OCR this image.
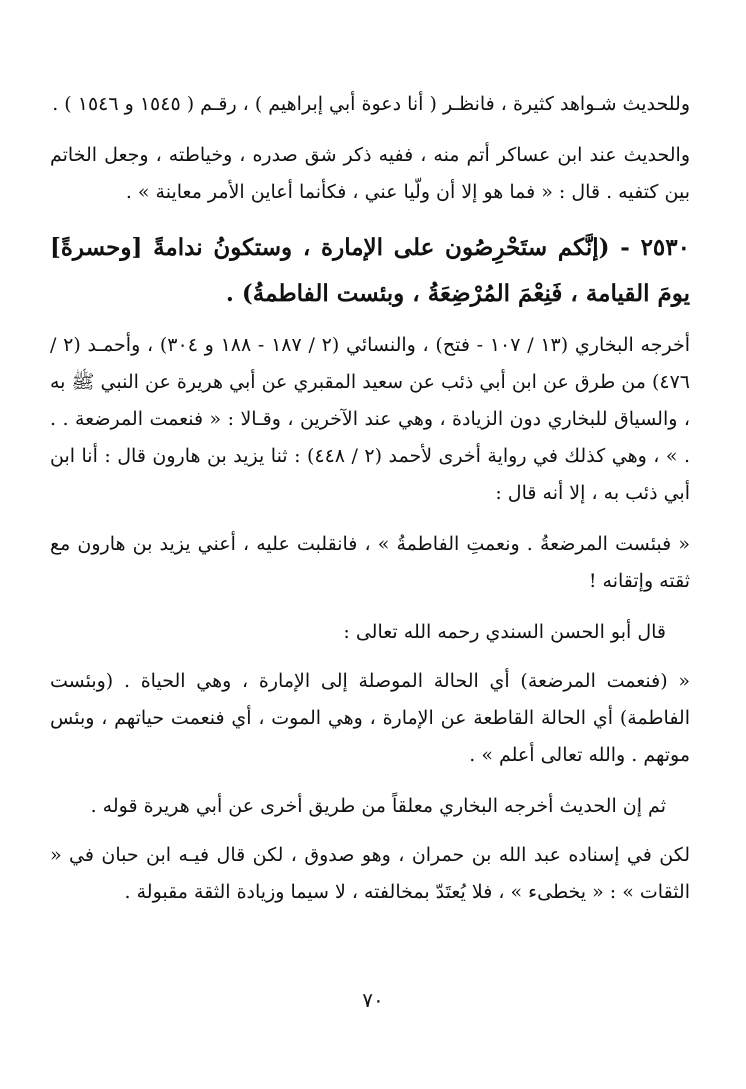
وللحديث شـواهد كثيرة ، فانظـر ( أنا دعوة أبي إبراهيم ) ، رقـم ( ١٥٤٥ و ١٥٤٦ ) .

والحديث عند ابن عساكر أتم منه ، ففيه ذكر شق صدره ، وخياطته ، وجعل الخاتم بين كتفيه . قال : « فما هو إلا أن ولّيا عني ، فكأنما أعاين الأمر معاينة » .

٢٥٣٠ - (إنَّكم ستَحْرِصُون على الإمارة ، وستكونُ ندامةً [وحسرةً] يومَ القيامة ، فَنِعْمَ المُرْضِعَةُ ، وبئست الفاطمةُ) .

أخرجه البخاري (١٣ / ١٠٧ - فتح) ، والنسائي (٢ / ١٨٧ - ١٨٨ و ٣٠٤) ، وأحمـد (٢ / ٤٧٦) من طرق عن ابن أبي ذئب عن سعيد المقبري عن أبي هريرة عن النبي ﷺ به ، والسياق للبخاري دون الزيادة ، وهي عند الآخرين ، وقـالا : « فنعمت المرضعة . . . » ، وهي كذلك في رواية أخرى لأحمد (٢ / ٤٤٨) : ثنا يزيد بن هارون قال : أنا ابن أبي ذئب به ، إلا أنه قال :

« فبئست المرضعةُ . ونعمتِ الفاطمةُ » ، فانقلبت عليه ، أعني يزيد بن هارون مع ثقته وإتقانه !

قال أبو الحسن السندي رحمه الله تعالى :

« (فنعمت المرضعة) أي الحالة الموصلة إلى الإمارة ، وهي الحياة . (وبئست الفاطمة) أي الحالة القاطعة عن الإمارة ، وهي الموت ، أي فنعمت حياتهم ، وبئس موتهم . والله تعالى أعلم » .

ثم إن الحديث أخرجه البخاري معلقاً من طريق أخرى عن أبي هريرة قوله .

لكن في إسناده عبد الله بن حمران ، وهو صدوق ، لكن قال فيـه ابن حبان في « الثقات » : « يخطىء » ، فلا يُعتَدّ بمخالفته ، لا سيما وزيادة الثقة مقبولة .

٧٠
